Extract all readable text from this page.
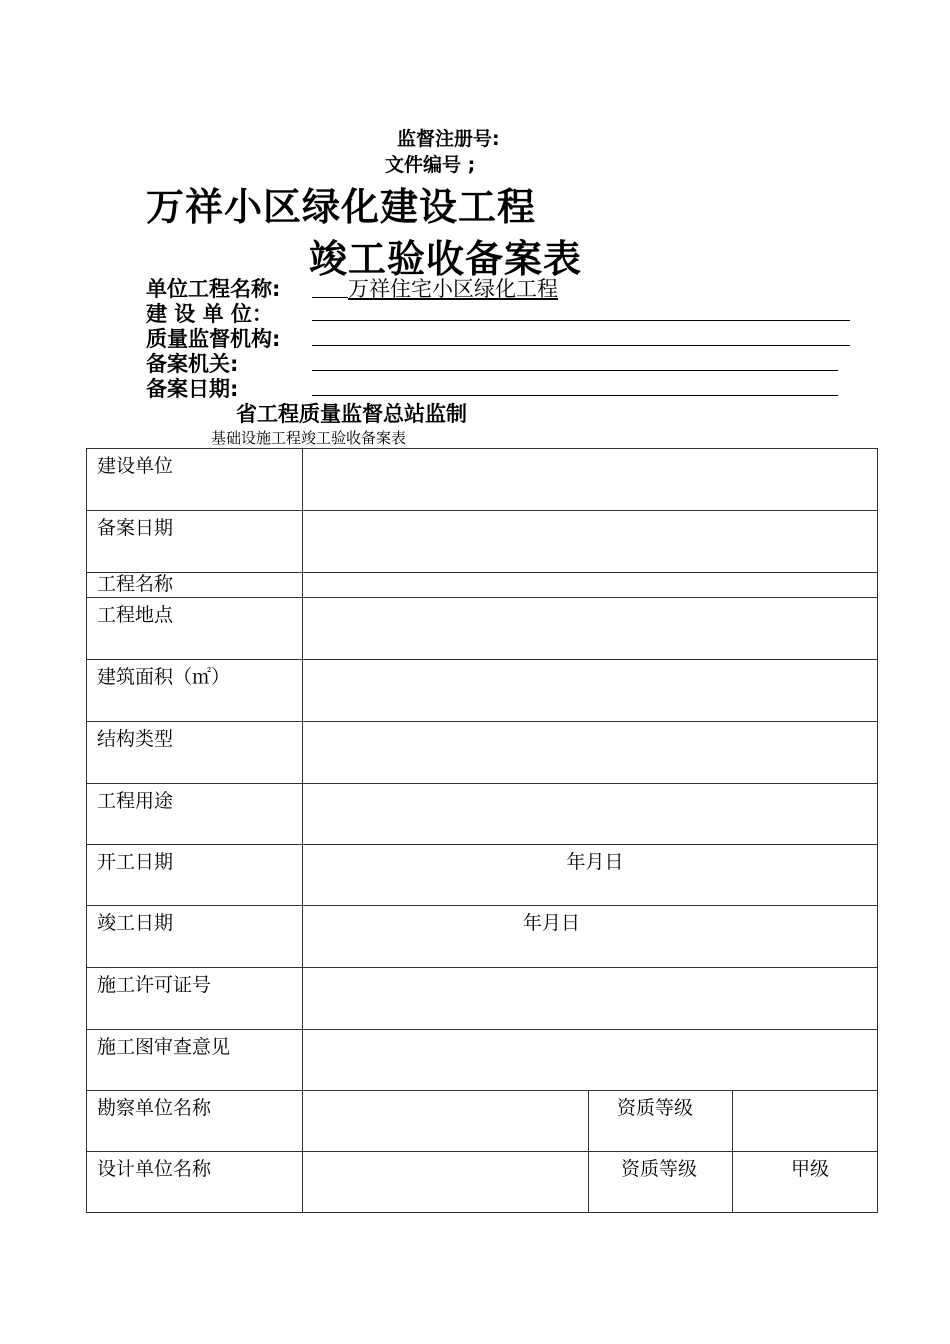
监督注册号:
文件编号 ;
万祥小区绿化建设工程
竣工验收备案表
单位工程名称:	万祥住宅小区绿化工程
建 设 单 位：
质量监督机构:
备案机关:
备案日期:
省工程质量监督总站监制
基础设施工程竣工验收备案表
建设单位			
备案日期			
工程名称			
工程地点			
建筑面积（㎡）			
结构类型			
工程用途			
开工日期	年月日		
竣工日期	年月日		
施工许可证号			
施工图审查意见			
勘察单位名称		资质等级	
设计单位名称		资质等级	甲级
